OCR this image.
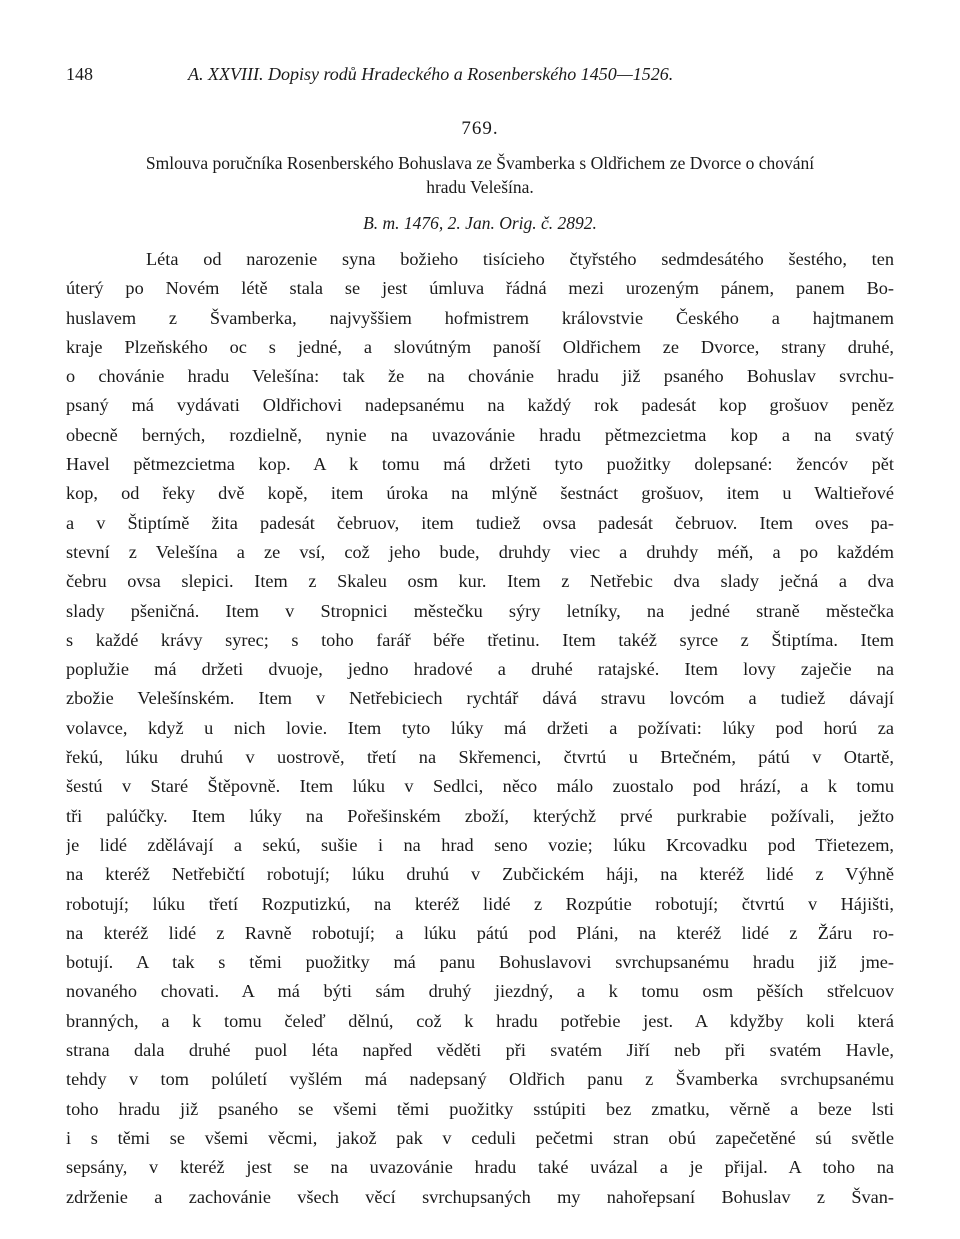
148	A. XXVIII. Dopisy rodů Hradeckého a Rosenberského 1450—1526.
769.
Smlouva poručníka Rosenberského Bohuslava ze Švamberka s Oldřichem ze Dvorce o chování
hradu Velešína.
B. m. 1476, 2. Jan. Orig. č. 2892.
Léta od narozenie syna božieho tisícieho čtyřstého sedmdesátého šestého, ten
úterý po Novém létě stala se jest úmluva řádná mezi urozeným pánem, panem Bo-
huslavem z Švamberka, najvyššiem hofmistrem královstvie Českého a hajtmanem
kraje Plzeňského oc s jedné, a slovútným panoší Oldřichem ze Dvorce, strany druhé,
o chovánie hradu Velešína: tak že na chovánie hradu již psaného Bohuslav svrchu-
psaný má vydávati Oldřichovi nadepsanému na každý rok padesát kop grošuov peněz
obecně berných, rozdielně, nynie na uvazovánie hradu pětmezcietma kop a na svatý
Havel pětmezcietma kop. A k tomu má držeti tyto puožitky dolepsané: žencóv pět
kop, od řeky dvě kopě, item úroka na mlýně šestnáct grošuov, item u Waltieřové
a v Štiptímě žita padesát čebruov, item tudiež ovsa padesát čebruov. Item oves pa-
stevní z Velešína a ze vsí, což jeho bude, druhdy viec a druhdy méň, a po každém
čebru ovsa slepici. Item z Skaleu osm kur. Item z Netřebic dva slady ječná a dva
slady pšeničná. Item v Stropnici městečku sýry letníky, na jedné straně městečka
s každé krávy syrec; s toho farář béře třetinu. Item takéž syrce z Štiptíma. Item
poplužie má držeti dvuoje, jedno hradové a druhé ratajské. Item lovy zaječie na
zbožie Velešínském. Item v Netřebiciech rychtář dává stravu lovcóm a tudiež dávají
volavce, když u nich lovie. Item tyto lúky má držeti a požívati: lúky pod horú za
řekú, lúku druhú v uostrově, třetí na Skřemenci, čtvrtú u Brtečném, pátú v Otartě,
šestú v Staré Štěpovně. Item lúku v Sedlci, něco málo zuostalo pod hrází, a k tomu
tři palúčky. Item lúky na Pořešinském zboží, kterýchž prvé purkrabie požívali, ježto
je lidé zdělávají a sekú, sušie i na hrad seno vozie; lúku Krcovadku pod Třietezem,
na kteréž Netřebičtí robotují; lúku druhú v Zubčickém háji, na kteréž lidé z Výhně
robotují; lúku třetí Rozputizkú, na kteréž lidé z Rozpútie robotují; čtvrtú v Hájišti,
na kteréž lidé z Ravně robotují; a lúku pátú pod Pláni, na kteréž lidé z Žáru ro-
botují. A tak s těmi puožitky má panu Bohuslavovi svrchupsanému hradu již jme-
novaného chovati. A má býti sám druhý jiezdný, a k tomu osm pěších střelcuov
branných, a k tomu čeleď dělnú, což k hradu potřebie jest. A kdyžby koli která
strana dala druhé puol léta napřed věděti při svatém Jiří neb při svatém Havle,
tehdy v tom polúletí vyšlém má nadepsaný Oldřich panu z Švamberka svrchupsanému
toho hradu již psaného se všemi těmi puožitky sstúpiti bez zmatku, věrně a beze lsti
i s těmi se všemi věcmi, jakož pak v ceduli pečetmi stran obú zapečetěné sú světle
sepsány, v kteréž jest se na uvazovánie hradu také uvázal a je přijal. A toho na
zdrženie a zachovánie všech věcí svrchupsaných my nahořepsaní Bohuslav z Švan-
